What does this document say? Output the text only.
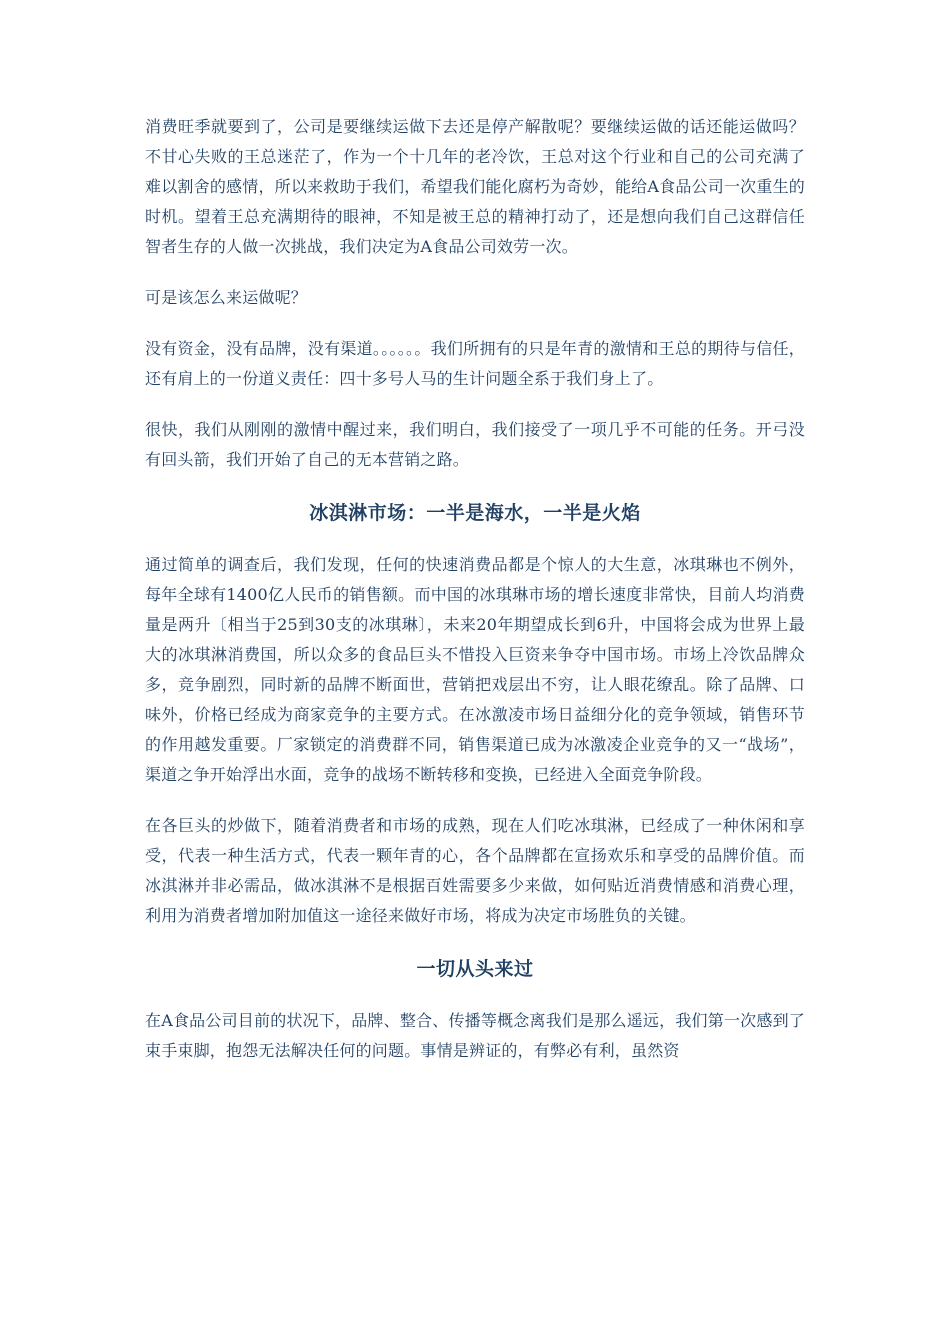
消费旺季就要到了，公司是要继续运做下去还是停产解散呢？要继续运做的话还能运做吗？不甘心失败的王总迷茫了，作为一个十几年的老冷饮，王总对这个行业和自己的公司充满了难以割舍的感情，所以来救助于我们，希望我们能化腐朽为奇妙，能给A食品公司一次重生的时机。望着王总充满期待的眼神，不知是被王总的精神打动了，还是想向我们自己这群信任智者生存的人做一次挑战，我们决定为A食品公司效劳一次。

可是该怎么来运做呢？

没有资金，没有品牌，没有渠道。。。。。。我们所拥有的只是年青的激情和王总的期待与信任，还有肩上的一份道义责任：四十多号人马的生计问题全系于我们身上了。

很快，我们从刚刚的激情中醒过来，我们明白，我们接受了一项几乎不可能的任务。开弓没有回头箭，我们开始了自己的无本营销之路。

冰淇淋市场：一半是海水，一半是火焰

通过简单的调查后，我们发现，任何的快速消费品都是个惊人的大生意，冰琪琳也不例外，每年全球有1400亿人民币的销售额。而中国的冰琪琳市场的增长速度非常快，目前人均消费量是两升〔相当于25到30支的冰琪琳〕，未来20年期望成长到6升，中国将会成为世界上最大的冰琪淋消费国，所以众多的食品巨头不惜投入巨资来争夺中国市场。市场上冷饮品牌众多，竞争剧烈，同时新的品牌不断面世，营销把戏层出不穷，让人眼花缭乱。除了品牌、口味外，价格已经成为商家竞争的主要方式。在冰激凌市场日益细分化的竞争领域，销售环节的作用越发重要。厂家锁定的消费群不同，销售渠道已成为冰激凌企业竞争的又一“战场”，渠道之争开始浮出水面，竞争的战场不断转移和变换，已经进入全面竞争阶段。

在各巨头的炒做下，随着消费者和市场的成熟，现在人们吃冰琪淋，已经成了一种休闲和享受，代表一种生活方式，代表一颗年青的心，各个品牌都在宣扬欢乐和享受的品牌价值。而冰淇淋并非必需品，做冰淇淋不是根据百姓需要多少来做，如何贴近消费情感和消费心理，利用为消费者增加附加值这一途径来做好市场，将成为决定市场胜负的关键。

一切从头来过

在A食品公司目前的状况下，品牌、整合、传播等概念离我们是那么遥远，我们第一次感到了束手束脚，抱怨无法解决任何的问题。事情是辨证的，有弊必有利，虽然资
